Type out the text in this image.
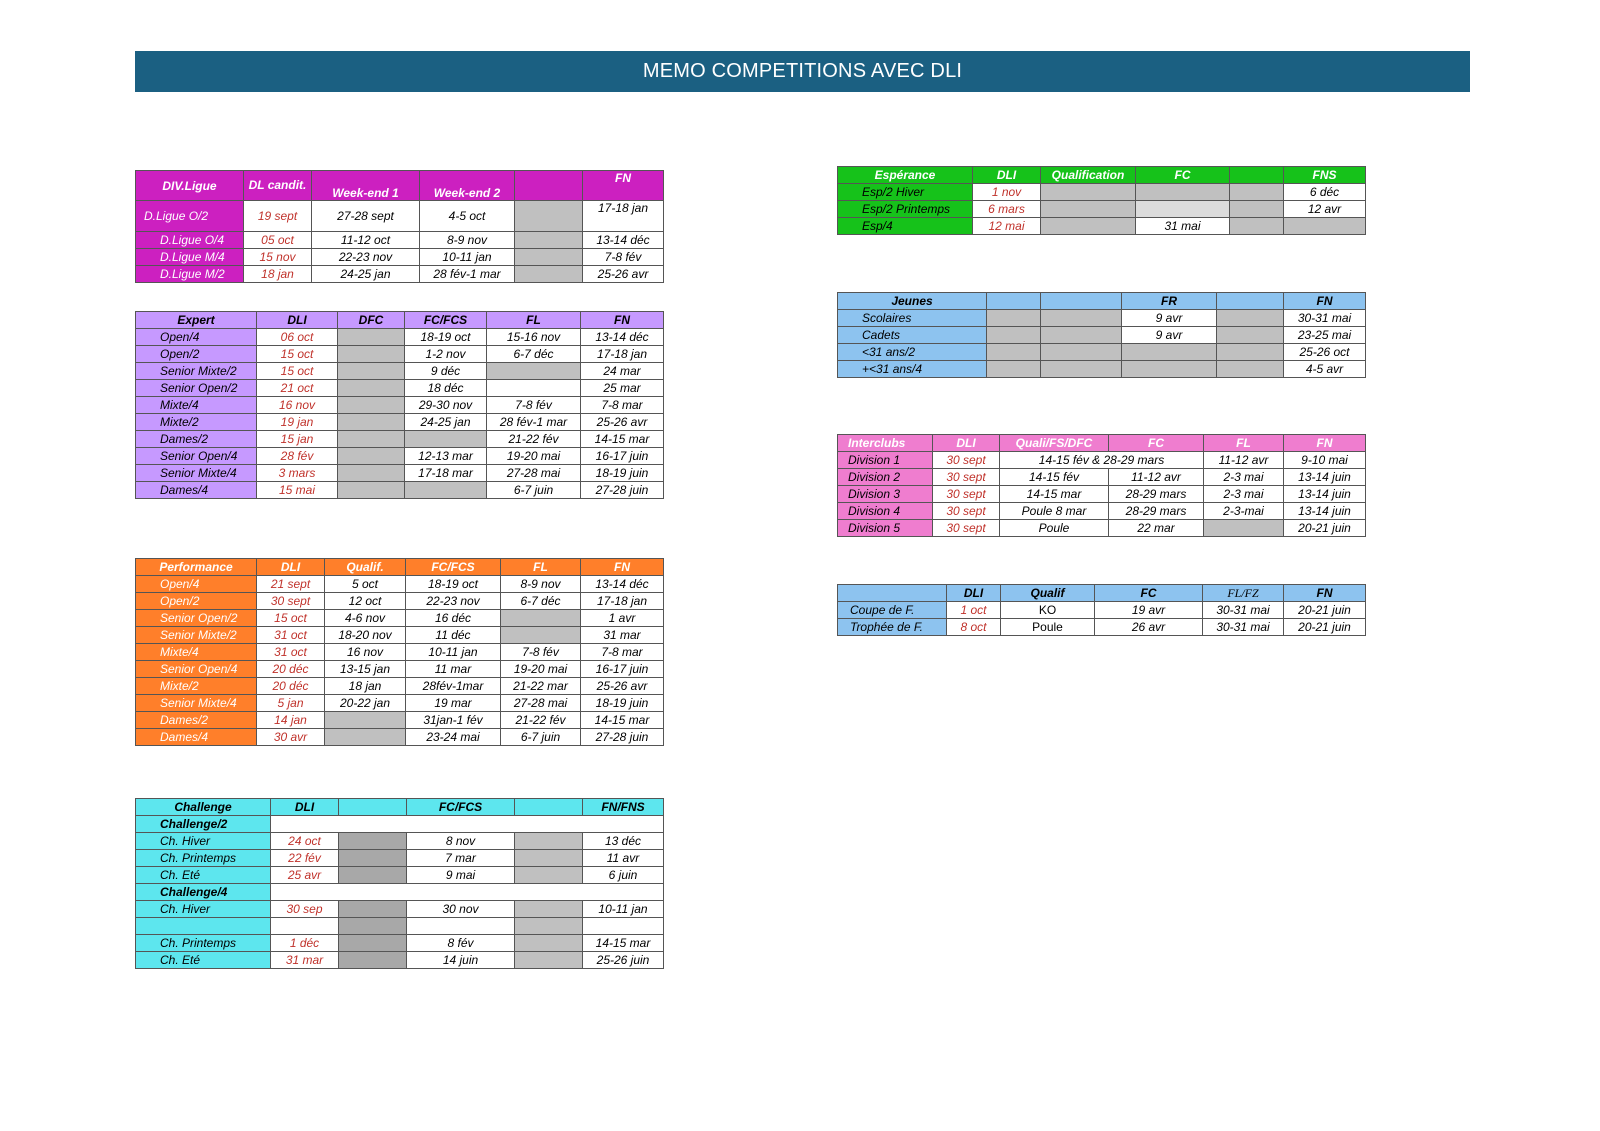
MEMO COMPETITIONS AVEC DLI
DIV.Ligue	DL candit.	Week-end 1	Week-end 2		FN
D.Ligue O/2	19 sept	27-28 sept	4-5 oct		17-18 jan
D.Ligue O/4	05 oct	11-12 oct	8-9 nov		13-14 déc
D.Ligue M/4	15 nov	22-23 nov	10-11 jan		7-8 fév
D.Ligue M/2	18 jan	24-25 jan	28 fév-1 mar		25-26 avr
Expert	DLI	DFC	FC/FCS	FL	FN
Open/4	06 oct		18-19 oct	15-16 nov	13-14 déc
Open/2	15 oct		1-2 nov	6-7 déc	17-18 jan
Senior Mixte/2	15 oct		9 déc		24 mar
Senior Open/2	21 oct		18 déc		25 mar
Mixte/4	16 nov		29-30 nov	7-8 fév	7-8 mar
Mixte/2	19 jan		24-25 jan	28 fév-1 mar	25-26 avr
Dames/2	15 jan			21-22 fév	14-15 mar
Senior Open/4	28 fév		12-13 mar	19-20 mai	16-17 juin
Senior Mixte/4	3 mars		17-18 mar	27-28 mai	18-19 juin
Dames/4	15 mai			6-7 juin	27-28 juin
Performance	DLI	Qualif.	FC/FCS	FL	FN
Open/4	21 sept	5 oct	18-19 oct	8-9 nov	13-14 déc
Open/2	30 sept	12 oct	22-23 nov	6-7 déc	17-18 jan
Senior Open/2	15 oct	4-6 nov	16 déc		1 avr
Senior Mixte/2	31 oct	18-20 nov	11 déc		31 mar
Mixte/4	31 oct	16 nov	10-11 jan	7-8 fév	7-8 mar
Senior Open/4	20 déc	13-15 jan	11 mar	19-20 mai	16-17 juin
Mixte/2	20 déc	18 jan	28fév-1mar	21-22 mar	25-26 avr
Senior Mixte/4	5 jan	20-22 jan	19 mar	27-28 mai	18-19 juin
Dames/2	14 jan		31jan-1 fév	21-22 fév	14-15 mar
Dames/4	30 avr		23-24 mai	6-7 juin	27-28 juin
Challenge	DLI		FC/FCS		FN/FNS
Challenge/2					
Ch. Hiver	24 oct		8 nov		13 déc
Ch. Printemps	22 fév		7 mar		11 avr
Ch. Eté	25 avr		9 mai		6 juin
Challenge/4					
Ch. Hiver	30 sep		30 nov		10-11 jan

Ch. Printemps	1 déc		8 fév		14-15 mar
Ch. Eté	31 mar		14 juin		25-26 juin
Espérance	DLI	Qualification	FC		FNS
Esp/2 Hiver	1 nov				6 déc
Esp/2 Printemps	6 mars				12 avr
Esp/4	12 mai		31 mai		
Jeunes			FR		FN
Scolaires			9 avr		30-31 mai
Cadets			9 avr		23-25 mai
<31 ans/2					25-26 oct
+<31 ans/4					4-5 avr
Interclubs	DLI	Quali/FS/DFC	FC	FL	FN
Division 1	30 sept	14-15 fév & 28-29 mars		11-12 avr	9-10 mai
Division 2	30 sept	14-15 fév	11-12 avr	2-3 mai	13-14 juin
Division 3	30 sept	14-15 mar	28-29 mars	2-3 mai	13-14 juin
Division 4	30 sept	Poule 8 mar	28-29 mars	2-3-mai	13-14 juin
Division 5	30 sept	Poule	22 mar		20-21 juin
	DLI	Qualif	FC	FL/FZ	FN
Coupe de F.	1 oct	KO	19 avr	30-31 mai	20-21 juin
Trophée de F.	8 oct	Poule	26 avr	30-31 mai	20-21 juin
